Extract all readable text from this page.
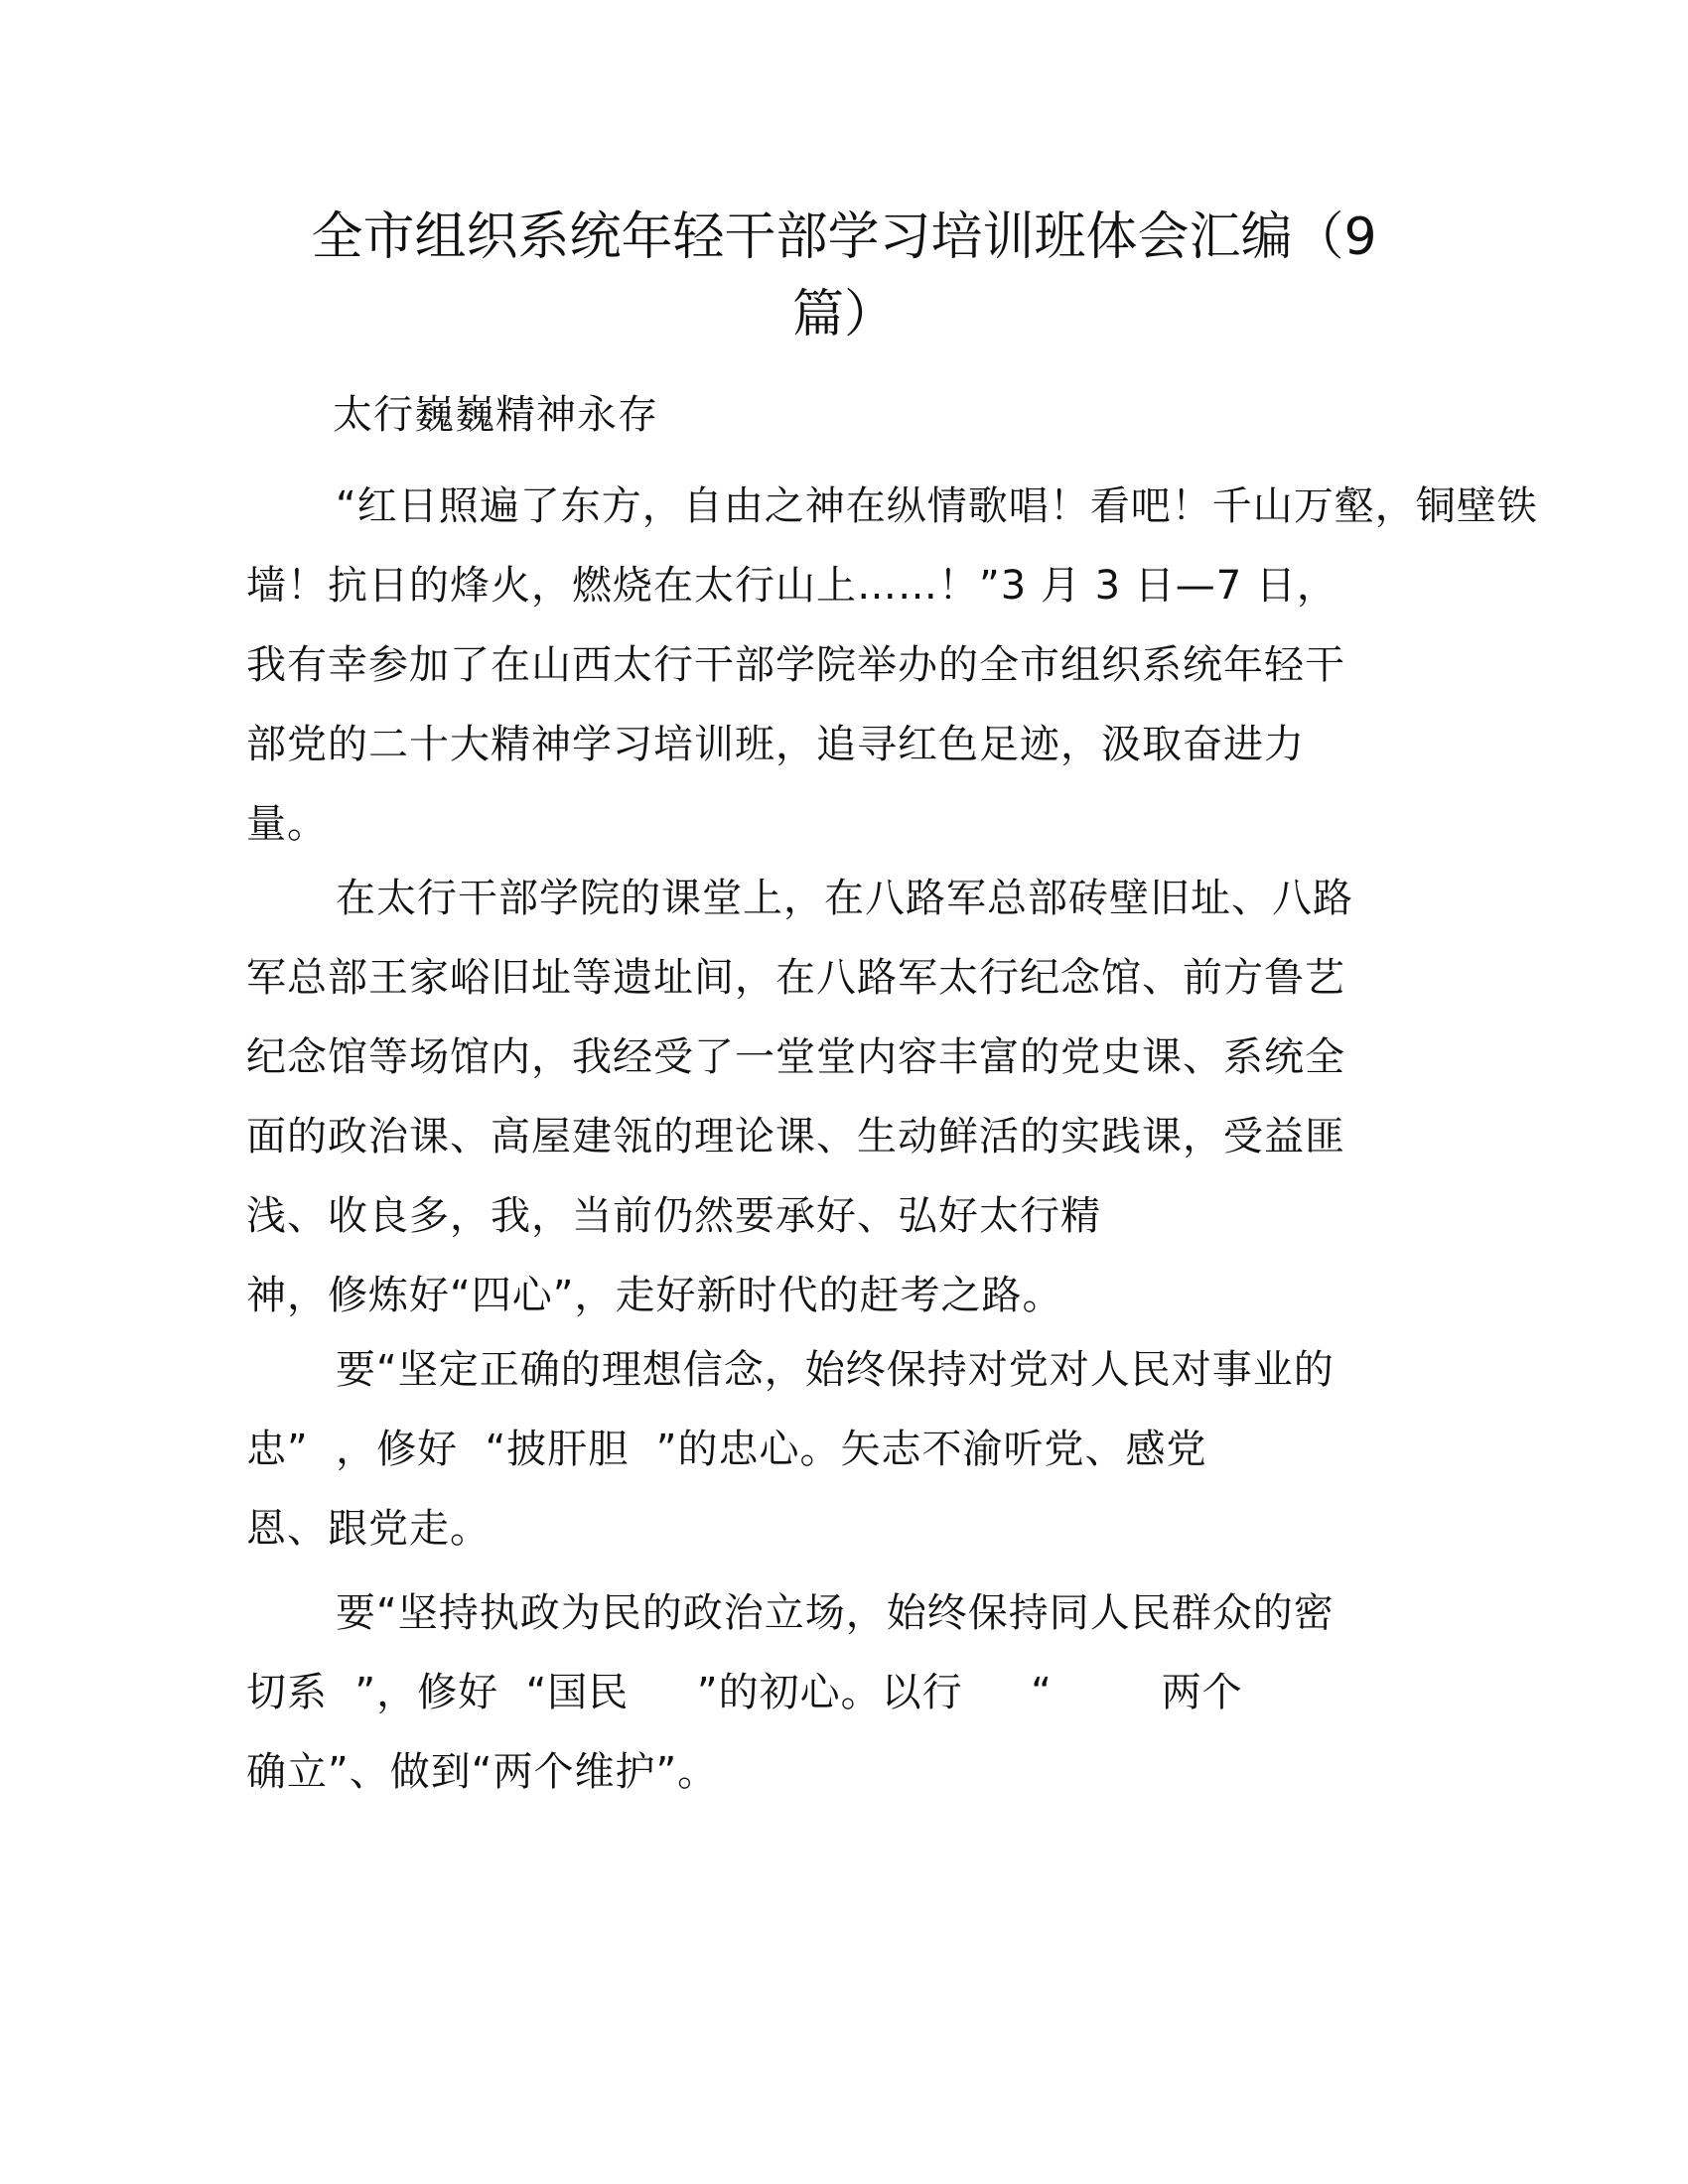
全市组织系统年轻干部学习培训班体会汇编（9
篇）
太行巍巍精神永存
“红日照遍了东方，自由之神在纵情歌唱！看吧！千山万壑，铜壁铁
墙！抗日的烽火，燃烧在太行山上……！”3 月 3 日—7 日，
我有幸参加了在山西太行干部学院举办的全市组织系统年轻干
部党的二十大精神学习培训班，追寻红色足迹，汲取奋进力
量。
在太行干部学院的课堂上，在八路军总部砖壁旧址、八路
军总部王家峪旧址等遗址间，在八路军太行纪念馆、前方鲁艺
纪念馆等场馆内，我经受了一堂堂内容丰富的党史课、系统全
面的政治课、高屋建瓴的理论课、生动鲜活的实践课，受益匪
浅、收良多，我，当前仍然要承好、弘好太行精
神，修炼好“四心”，走好新时代的赶考之路。
要“坚定正确的理想信念，始终保持对党对人民对事业的
忠”  ，修好  “披肝胆  ”的忠心。矢志不渝听党、感党
恩、跟党走。
要“坚持执政为民的政治立场，始终保持同人民群众的密
切系  ”，修好  “国民     ”的初心。以行     “        两个
确立”、做到“两个维护”。
